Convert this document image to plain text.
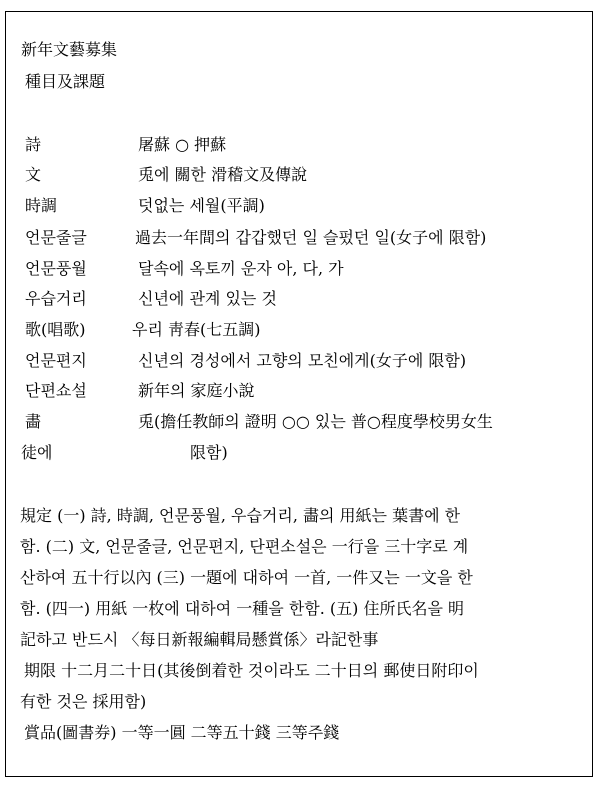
新年文藝募集
種目及課題
詩	屠蘇 ○ 押蘇
文	兎에 關한 滑稽文及傳說
時調	덧없는 세월(平調)
언문줄글	過去一年間의 갑갑했던 일 슬펐던 일(女子에 限함)
언문풍월	달속에 옥토끼 운자 아, 다, 가
우습거리	신년에 관계 있는 것
歌(唱歌)	우리 靑春(七五調)
언문편지	신년의 경성에서 고향의 모친에게(女子에 限함)
단편쇼설	新年의 家庭小說
畵	兎(擔任教師의 證明 ○○ 있는 普○程度學校男女生
徒에	限함)
規定 (一) 詩, 時調, 언문풍월, 우습거리, 畵의 用紙는 葉書에 한
함. (二) 文, 언문줄글, 언문편지, 단편소설은 一行을 三十字로 계
산하여 五十行以內 (三) 一題에 대하여 一首, 一件又는 一文을 한
함. (四一) 用紙 一枚에 대하여 一種을 한함. (五) 住所氏名을 明
記하고 반드시 〈每日新報編輯局懸賞係〉라記한事
期限 十二月二十日(其後倒着한 것이라도 二十日의 郵使日附印이
有한 것은 採用함)
賞品(圖書券) 一等一圓 二等五十錢 三等주錢
